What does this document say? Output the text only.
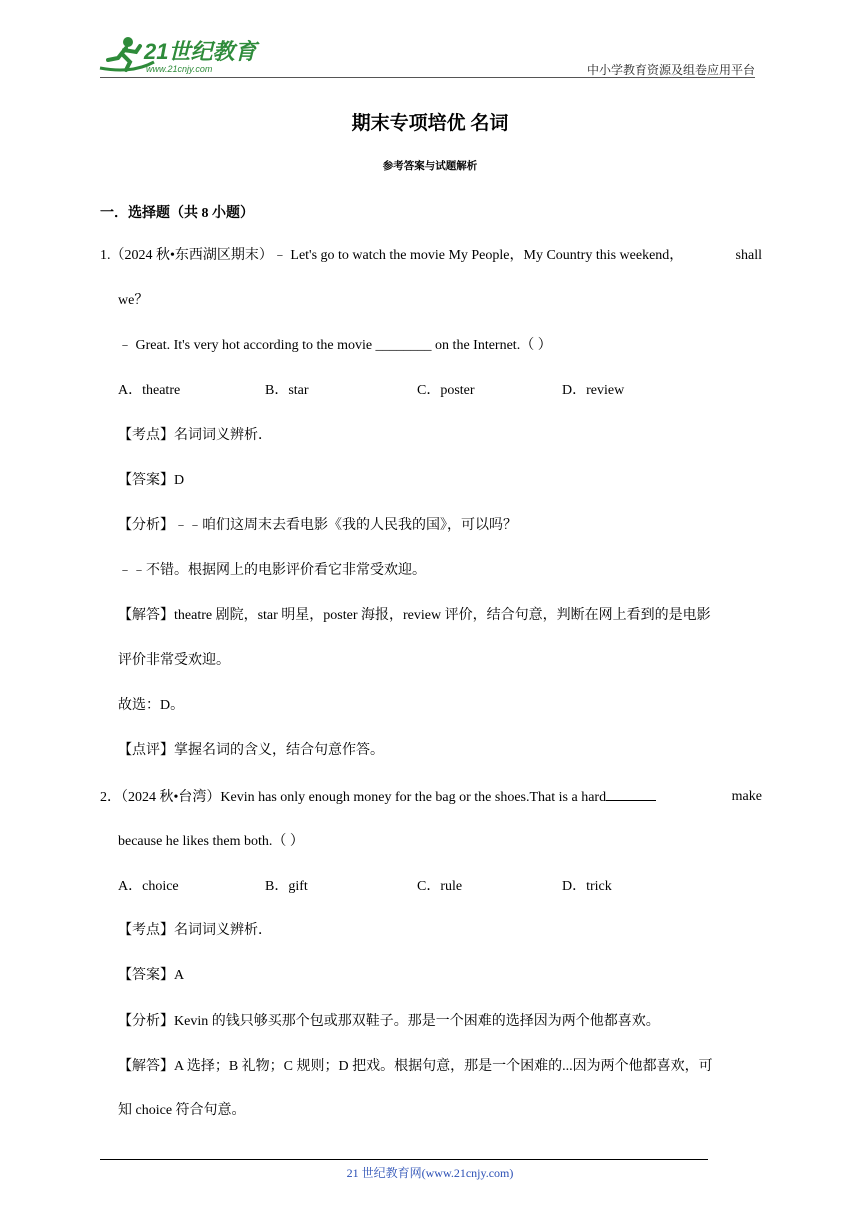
21世纪教育
www.21cnjy.com	中小学教育资源及组卷应用平台
期末专项培优 名词
参考答案与试题解析
一．选择题（共 8 小题）
1.（2024 秋•东西湖区期末）﹣ Let's go to watch the movie My People，My Country this weekend，	shall
we？
﹣ Great. It's very hot according to the movie ________ on the Internet.（ ）
A．theatre	B．star	C．poster	D．review
【考点】名词词义辨析．
【答案】D
【分析】﹣﹣咱们这周末去看电影《我的人民我的国》，可以吗？
﹣﹣不错。根据网上的电影评价看它非常受欢迎。
【解答】theatre 剧院，star 明星，poster 海报，review 评价，结合句意，判断在网上看到的是电影
评价非常受欢迎。
故选：D。
【点评】掌握名词的含义，结合句意作答。
2．（2024 秋•台湾）Kevin has only enough money for the bag or the shoes.That is a hard	make
because he likes them both.（ ）
A．choice	B．gift	C．rule	D．trick
【考点】名词词义辨析．
【答案】A
【分析】Kevin 的钱只够买那个包或那双鞋子。那是一个困难的选择因为两个他都喜欢。
【解答】A 选择；B 礼物；C 规则；D 把戏。根据句意，那是一个困难的...因为两个他都喜欢，可
知 choice 符合句意。
21 世纪教育网(www.21cnjy.com)
